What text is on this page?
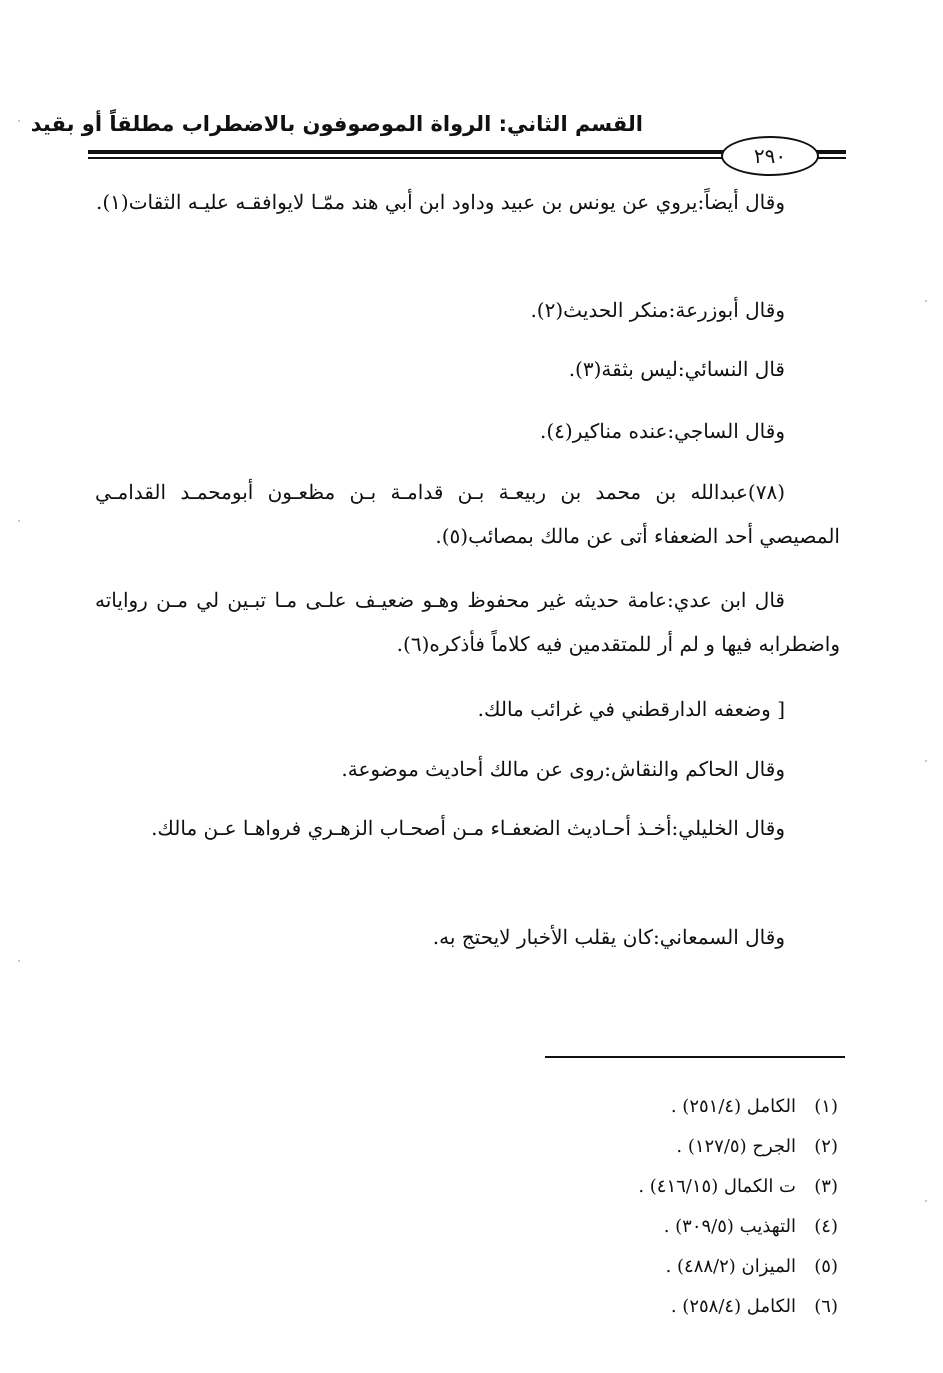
القسم الثاني: الرواة الموصوفون بالاضطراب مطلقاً أو بقيد
٢٩٠
وقال أيضاً:يروي عن يونس بن عبيد وداود ابن أبي هند ممّـا لايوافقـه عليـه الثقات(١).
وقال أبوزرعة:منكر الحديث(٢).
قال النسائي:ليس بثقة(٣).
وقال الساجي:عنده مناكير(٤).
(٧٨)عبدالله بن محمد بن ربيعـة بـن قدامـة بـن مظعـون أبومحمـد القدامـي المصيصي أحد الضعفاء أتى عن مالك بمصائب(٥).
قال ابن عدي:عامة حديثه غير محفوظ وهـو ضعيـف علـى مـا تبـين لي مـن رواياته واضطرابه فيها و لم أر للمتقدمين فيه كلاماً فأذكره(٦).
[ وضعفه الدارقطني في غرائب مالك.
وقال الحاكم والنقاش:روى عن مالك أحاديث موضوعة.
وقال الخليلي:أخـذ أحـاديث الضعفـاء مـن أصحـاب الزهـري فرواهـا عـن مالك.
وقال السمعاني:كان يقلب الأخبار لايحتج به.
(١)الكامل (٢٥١/٤) .
(٢)الجرح (١٢٧/٥) .
(٣)ت الكمال (٤١٦/١٥) .
(٤)التهذيب (٣٠٩/٥) .
(٥)الميزان (٤٨٨/٢) .
(٦)الكامل (٢٥٨/٤) .
